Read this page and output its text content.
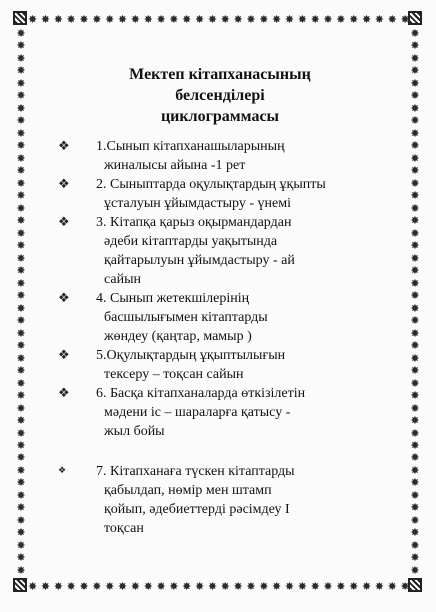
✸ ✸ ✸ ✸ ✸ ✸ ✸ ✸ ✸ ✸ ✸ ✸ ✸ ✸ ✸ ✸ ✸ ✸ ✸ ✸ ✸ ✸ ✸ ✸ ✸ ✸ ✸ ✸ ✸ ✸
✸ ✸ ✸ ✸ ✸ ✸ ✸ ✸ ✸ ✸ ✸ ✸ ✸ ✸ ✸ ✸ ✸ ✸ ✸ ✸ ✸ ✸ ✸ ✸ ✸ ✸ ✸ ✸ ✸ ✸
✸
✸
✸
✸
✸
✸
✸
✸
✸
✸
✸
✸
✸
✸
✸
✸
✸
✸
✸
✸
✸
✸
✸
✸
✸
✸
✸
✸
✸
✸
✸
✸
✸
✸
✸
✸
✸
✸
✸
✸
✸
✸
✸
✸
✸
✸
✸
✸
✸
✸
✸
✸
✸
✸
✸
✸
✸
✸
✸
✸
✸
✸
✸
✸
✸
✸
✸
✸
✸
✸
✸
✸
✸
✸
✸
✸
✸
✸
✸
✸
✸
✸
✸
✸
✸
✸
✸
✸
Мектеп кітапханасының
белсенділері
циклограммасы
❖ 1.Сынып кітапханашыларының
жиналысы айына -1 рет
❖ 2. Сыныптарда оқулықтардың ұқыпты
ұсталуын ұйымдастыру - үнемі
❖ 3. Кітапқа қарыз оқырмандардан
әдеби кітаптарды уақытында
қайтарылуын ұйымдастыру - ай
сайын
❖ 4. Сынып жетекшілерінің
басшылығымен кітаптарды
жөндеу (қаңтар, мамыр )
❖ 5.Оқулықтардың ұқыптылығын
тексеру – тоқсан сайын
❖ 6. Басқа кітапханаларда өткізілетін
мәдени іс – шараларға қатысу -
жыл бойы
❖ 7. Кітапханаға түскен кітаптарды
қабылдап, нөмір мен штамп
қойып, әдебиеттерді рәсімдеу І
тоқсан
